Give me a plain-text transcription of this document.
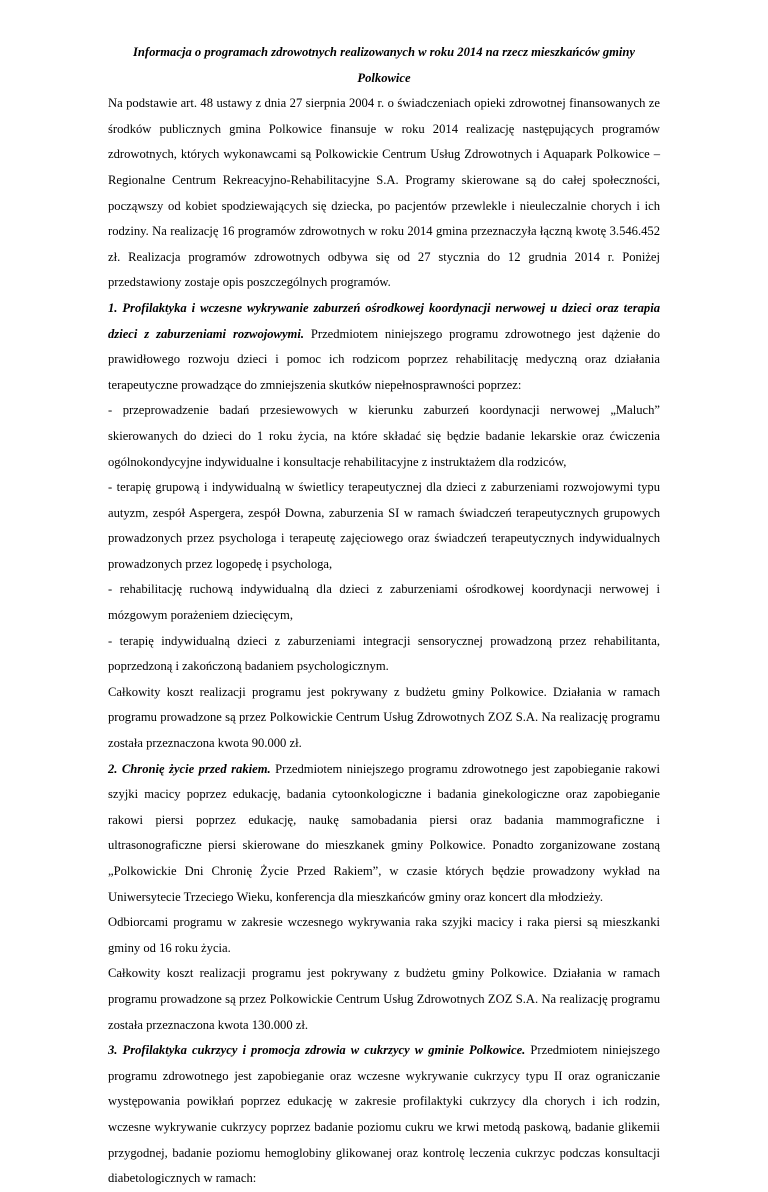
Informacja o programach zdrowotnych realizowanych w roku 2014 na rzecz mieszkańców gminy Polkowice

Na podstawie art. 48 ustawy z dnia 27 sierpnia 2004 r. o świadczeniach opieki zdrowotnej finansowanych ze środków publicznych gmina Polkowice finansuje w roku 2014 realizację następujących programów zdrowotnych, których wykonawcami są Polkowickie Centrum Usług Zdrowotnych i Aquapark Polkowice – Regionalne Centrum Rekreacyjno-Rehabilitacyjne S.A. Programy skierowane są do całej społeczności, począwszy od kobiet spodziewających się dziecka, po pacjentów przewlekle i nieuleczalnie chorych i ich rodziny. Na realizację 16 programów zdrowotnych w roku 2014 gmina przeznaczyła łączną kwotę 3.546.452 zł. Realizacja programów zdrowotnych odbywa się od 27 stycznia do 12 grudnia 2014 r. Poniżej przedstawiony zostaje opis poszczególnych programów.

1. Profilaktyka i wczesne wykrywanie zaburzeń ośrodkowej koordynacji nerwowej u dzieci oraz terapia dzieci z zaburzeniami rozwojowymi. Przedmiotem niniejszego programu zdrowotnego jest dążenie do prawidłowego rozwoju dzieci i pomoc ich rodzicom poprzez rehabilitację medyczną oraz działania terapeutyczne prowadzące do zmniejszenia skutków niepełnosprawności poprzez:

- przeprowadzenie badań przesiewowych w kierunku zaburzeń koordynacji nerwowej „Maluch” skierowanych do dzieci do 1 roku życia, na które składać się będzie badanie lekarskie oraz ćwiczenia ogólnokondycyjne indywidualne i konsultacje rehabilitacyjne z instruktażem dla rodziców,

- terapię grupową i indywidualną w świetlicy terapeutycznej dla dzieci z zaburzeniami rozwojowymi typu autyzm, zespół Aspergera, zespół Downa, zaburzenia SI w ramach świadczeń terapeutycznych grupowych prowadzonych przez psychologa i terapeutę zajęciowego oraz świadczeń terapeutycznych indywidualnych prowadzonych przez logopedę i psychologa,

- rehabilitację ruchową indywidualną dla dzieci z zaburzeniami ośrodkowej koordynacji nerwowej i mózgowym porażeniem dziecięcym,

- terapię indywidualną dzieci z zaburzeniami integracji sensorycznej prowadzoną przez rehabilitanta, poprzedzoną i zakończoną badaniem psychologicznym.

Całkowity koszt realizacji programu jest pokrywany z budżetu gminy Polkowice. Działania w ramach programu prowadzone są przez Polkowickie Centrum Usług Zdrowotnych ZOZ S.A. Na realizację programu została przeznaczona kwota 90.000 zł.

2. Chronię życie przed rakiem. Przedmiotem niniejszego programu zdrowotnego jest zapobieganie rakowi szyjki macicy poprzez edukację, badania cytoonkologiczne i badania ginekologiczne oraz zapobieganie rakowi piersi poprzez edukację, naukę samobadania piersi oraz badania mammograficzne i ultrasonograficzne piersi skierowane do mieszkanek gminy Polkowice. Ponadto zorganizowane zostaną „Polkowickie Dni Chronię Życie Przed Rakiem”, w czasie których będzie prowadzony wykład na Uniwersytecie Trzeciego Wieku, konferencja dla mieszkańców gminy oraz koncert dla młodzieży.

Odbiorcami programu w zakresie wczesnego wykrywania raka szyjki macicy i raka piersi są mieszkanki gminy od 16 roku życia.

Całkowity koszt realizacji programu jest pokrywany z budżetu gminy Polkowice. Działania w ramach programu prowadzone są przez Polkowickie Centrum Usług Zdrowotnych ZOZ S.A. Na realizację programu została przeznaczona kwota 130.000 zł.

3. Profilaktyka cukrzycy i promocja zdrowia w cukrzycy w gminie Polkowice. Przedmiotem niniejszego programu zdrowotnego jest zapobieganie oraz wczesne wykrywanie cukrzycy typu II oraz ograniczanie występowania powikłań poprzez edukację w zakresie profilaktyki cukrzycy dla chorych i ich rodzin, wczesne wykrywanie cukrzycy poprzez badanie poziomu cukru we krwi metodą paskową, badanie glikemii przygodnej, badanie poziomu hemoglobiny glikowanej oraz kontrolę leczenia cukrzyc podczas konsultacji diabetologicznych w ramach:
